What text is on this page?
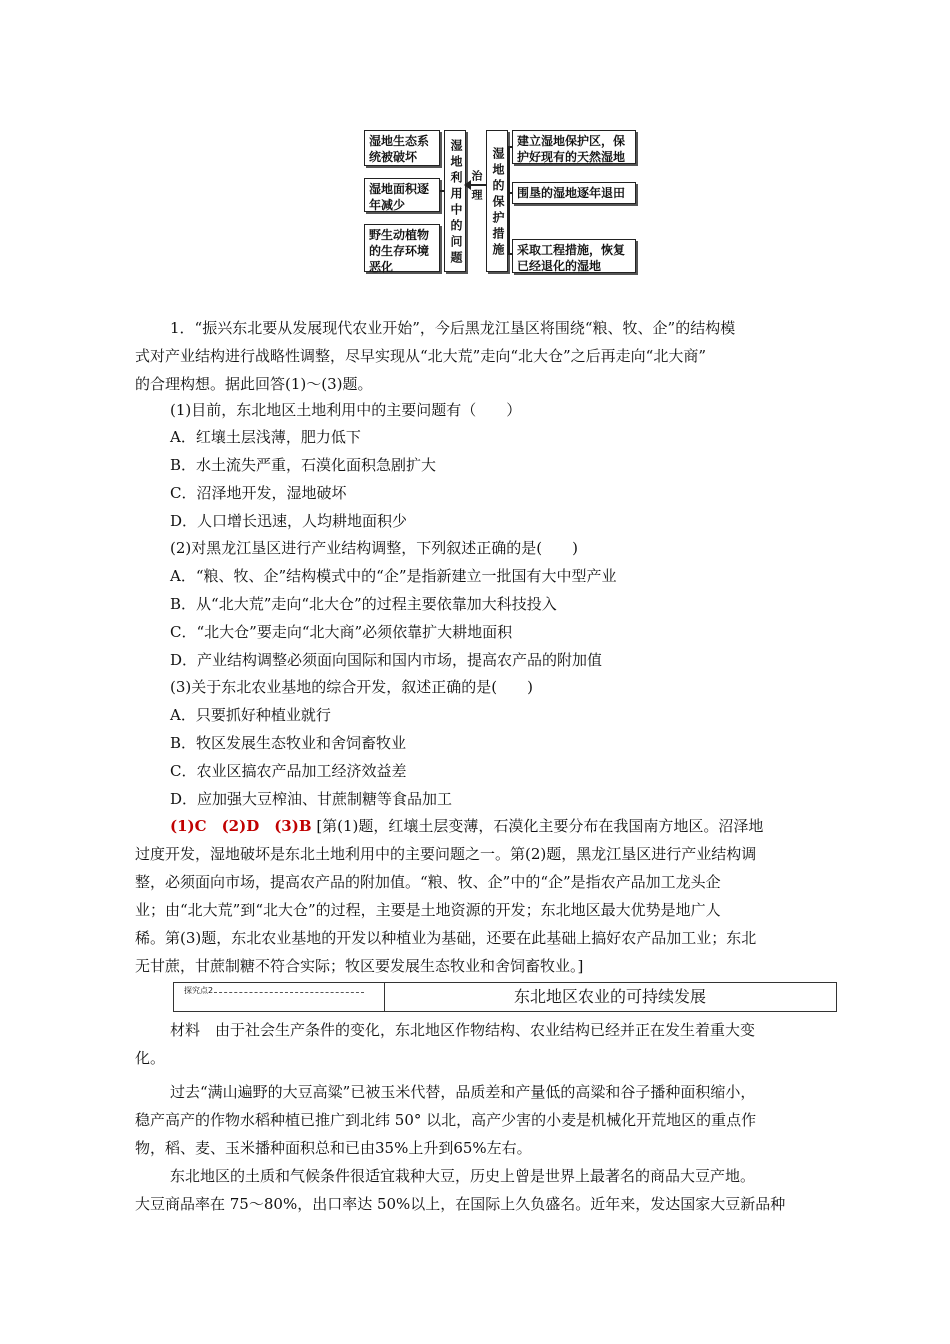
湿地生态系统被破坏
湿地面积逐年减少
野生动植物的生存环境恶化	湿地利用中的问题 治理 湿地的保护措施
建立湿地保护区，保护好现有的天然湿地
围垦的湿地逐年退田
采取工程措施，恢复已经退化的湿地
1．“振兴东北要从发展现代农业开始”，今后黑龙江垦区将围绕“粮、牧、企”的结构模
式对产业结构进行战略性调整，尽早实现从“北大荒”走向“北大仓”之后再走向“北大商”
的合理构想。据此回答(1)～(3)题。
(1)目前，东北地区土地利用中的主要问题有（　　）
A．红壤土层浅薄，肥力低下
B．水土流失严重，石漠化面积急剧扩大
C．沼泽地开发，湿地破坏
D．人口增长迅速，人均耕地面积少
(2)对黑龙江垦区进行产业结构调整，下列叙述正确的是(　　)
A．“粮、牧、企”结构模式中的“企”是指新建立一批国有大中型产业
B．从“北大荒”走向“北大仓”的过程主要依靠加大科技投入
C．“北大仓”要走向“北大商”必须依靠扩大耕地面积
D．产业结构调整必须面向国际和国内市场，提高农产品的附加值
(3)关于东北农业基地的综合开发，叙述正确的是(　　)
A．只要抓好种植业就行
B．牧区发展生态牧业和舍饲畜牧业
C．农业区搞农产品加工经济效益差
D．应加强大豆榨油、甘蔗制糖等食品加工
(1)C　(2)D　(3)B [第(1)题，红壤土层变薄，石漠化主要分布在我国南方地区。沼泽地
过度开发，湿地破坏是东北土地利用中的主要问题之一。第(2)题，黑龙江垦区进行产业结构调
整，必须面向市场，提高农产品的附加值。“粮、牧、企”中的“企”是指农产品加工龙头企
业；由“北大荒”到“北大仓”的过程，主要是土地资源的开发；东北地区最大优势是地广人
稀。第(3)题，东北农业基地的开发以种植业为基础，还要在此基础上搞好农产品加工业；东北
无甘蔗，甘蔗制糖不符合实际；牧区要发展生态牧业和舍饲畜牧业。]
探究点2	东北地区农业的可持续发展
材料　由于社会生产条件的变化，东北地区作物结构、农业结构已经并正在发生着重大变
化。
过去“满山遍野的大豆高粱”已被玉米代替，品质差和产量低的高粱和谷子播种面积缩小，
稳产高产的作物水稻种植已推广到北纬 50° 以北，高产少害的小麦是机械化开荒地区的重点作
物，稻、麦、玉米播种面积总和已由35%上升到65%左右。
东北地区的土质和气候条件很适宜栽种大豆，历史上曾是世界上最著名的商品大豆产地。
大豆商品率在 75～80%，出口率达 50%以上，在国际上久负盛名。近年来，发达国家大豆新品种
